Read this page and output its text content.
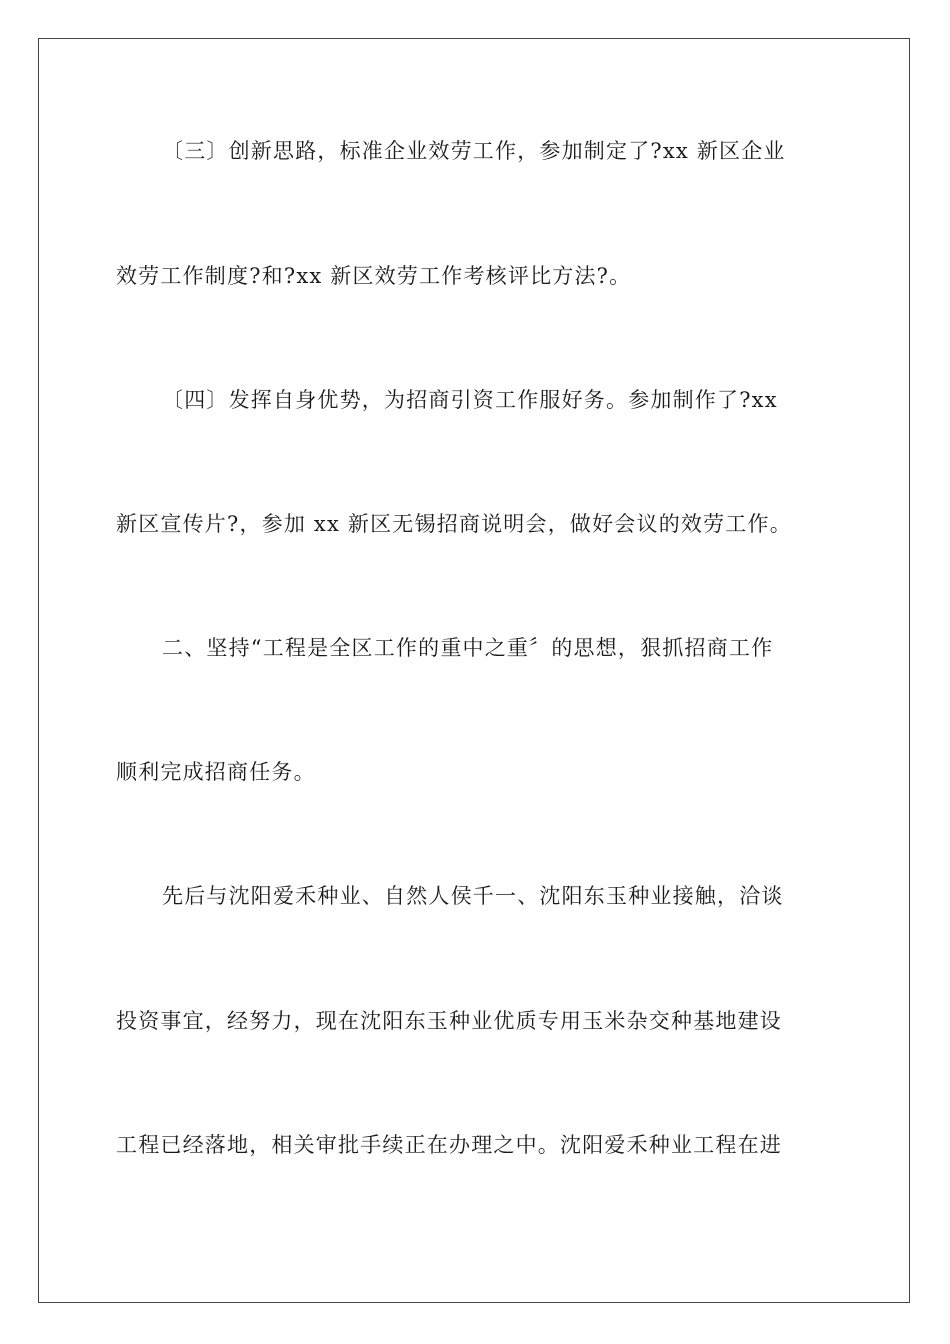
〔三〕创新思路，标准企业效劳工作，参加制定了?xx 新区企业
效劳工作制度?和?xx 新区效劳工作考核评比方法?。
〔四〕发挥自身优势，为招商引资工作服好务。参加制作了?xx
新区宣传片?，参加 xx 新区无锡招商说明会，做好会议的效劳工作。
二、坚持“工程是全区工作的重中之重〞的思想，狠抓招商工作
顺利完成招商任务。
先后与沈阳爱禾种业、自然人侯千一、沈阳东玉种业接触，洽谈
投资事宜，经努力，现在沈阳东玉种业优质专用玉米杂交种基地建设
工程已经落地，相关审批手续正在办理之中。沈阳爱禾种业工程在进
